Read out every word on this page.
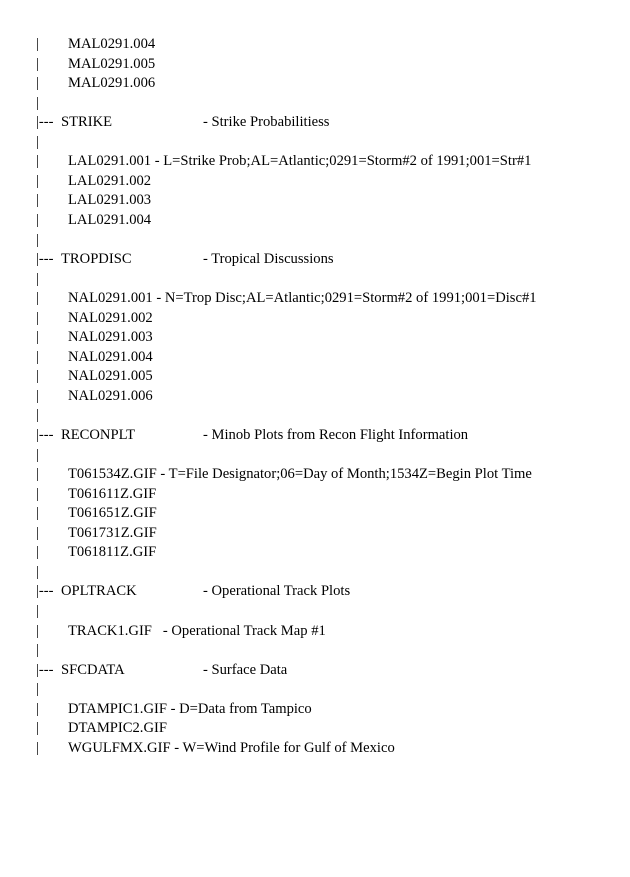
| MAL0291.004
| MAL0291.005
| MAL0291.006
|
|--- STRIKE	- Strike Probabilitiess
|
| LAL0291.001 - L=Strike Prob;AL=Atlantic;0291=Storm#2 of 1991;001=Str#1
| LAL0291.002
| LAL0291.003
| LAL0291.004
|
|--- TROPDISC	- Tropical Discussions
|
| NAL0291.001 - N=Trop Disc;AL=Atlantic;0291=Storm#2 of 1991;001=Disc#1
| NAL0291.002
| NAL0291.003
| NAL0291.004
| NAL0291.005
| NAL0291.006
|
|--- RECONPLT	- Minob Plots from Recon Flight Information
|
| T061534Z.GIF - T=File Designator;06=Day of Month;1534Z=Begin Plot Time
| T061611Z.GIF
| T061651Z.GIF
| T061731Z.GIF
| T061811Z.GIF
|
|--- OPLTRACK	- Operational Track Plots
|
| TRACK1.GIF   - Operational Track Map #1
|
|--- SFCDATA	- Surface Data
|
| DTAMPIC1.GIF - D=Data from Tampico
| DTAMPIC2.GIF
| WGULFMX.GIF - W=Wind Profile for Gulf of Mexico
